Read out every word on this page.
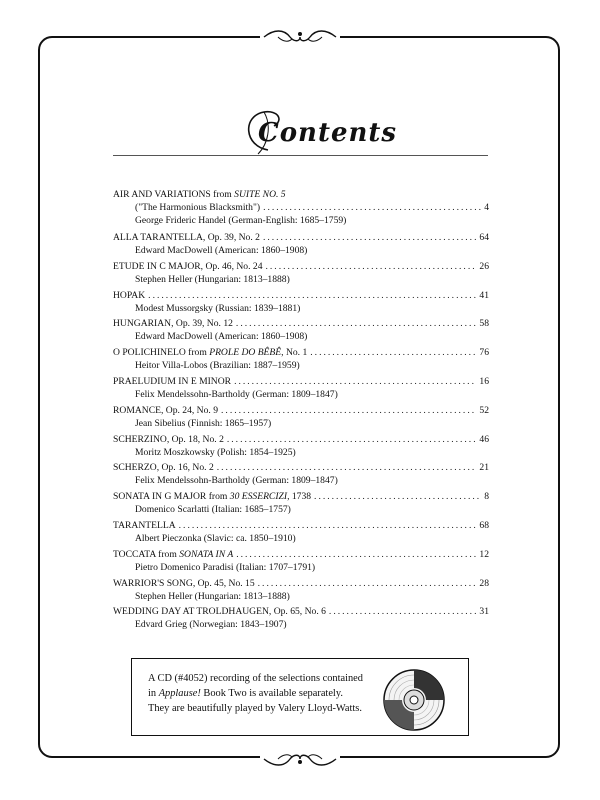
Contents
AIR AND VARIATIONS from SUITE NO. 5
("The Harmonious Blacksmith") .....	4
George Frideric Handel (German-English: 1685–1759)
ALLA TARANTELLA, Op. 39, No. 2 .....	64
Edward MacDowell (American: 1860–1908)
ETUDE IN C MAJOR, Op. 46, No. 24 .....	26
Stephen Heller (Hungarian: 1813–1888)
HOPAK .....	41
Modest Mussorgsky (Russian: 1839–1881)
HUNGARIAN, Op. 39, No. 12 .....	58
Edward MacDowell (American: 1860–1908)
O POLICHINELO from PROLE DO BÊBÊ, No. 1 .....	76
Heitor Villa-Lobos (Brazilian: 1887–1959)
PRAELUDIUM IN E MINOR .....	16
Felix Mendelssohn-Bartholdy (German: 1809–1847)
ROMANCE, Op. 24, No. 9 .....	52
Jean Sibelius (Finnish: 1865–1957)
SCHERZINO, Op. 18, No. 2 .....	46
Moritz Moszkowsky (Polish: 1854–1925)
SCHERZO, Op. 16, No. 2 .....	21
Felix Mendelssohn-Bartholdy (German: 1809–1847)
SONATA IN G MAJOR from 30 ESSERCIZI, 1738 .....	8
Domenico Scarlatti (Italian: 1685–1757)
TARANTELLA .....	68
Albert Pieczonka (Slavic: ca. 1850–1910)
TOCCATA from SONATA IN A .....	12
Pietro Domenico Paradisi (Italian: 1707–1791)
WARRIOR'S SONG, Op. 45, No. 15 .....	28
Stephen Heller (Hungarian: 1813–1888)
WEDDING DAY AT TROLDHAUGEN, Op. 65, No. 6 .....	31
Edvard Grieg (Norwegian: 1843–1907)
A CD (#4052) recording of the selections contained
in Applause! Book Two is available separately.
They are beautifully played by Valery Lloyd-Watts.
